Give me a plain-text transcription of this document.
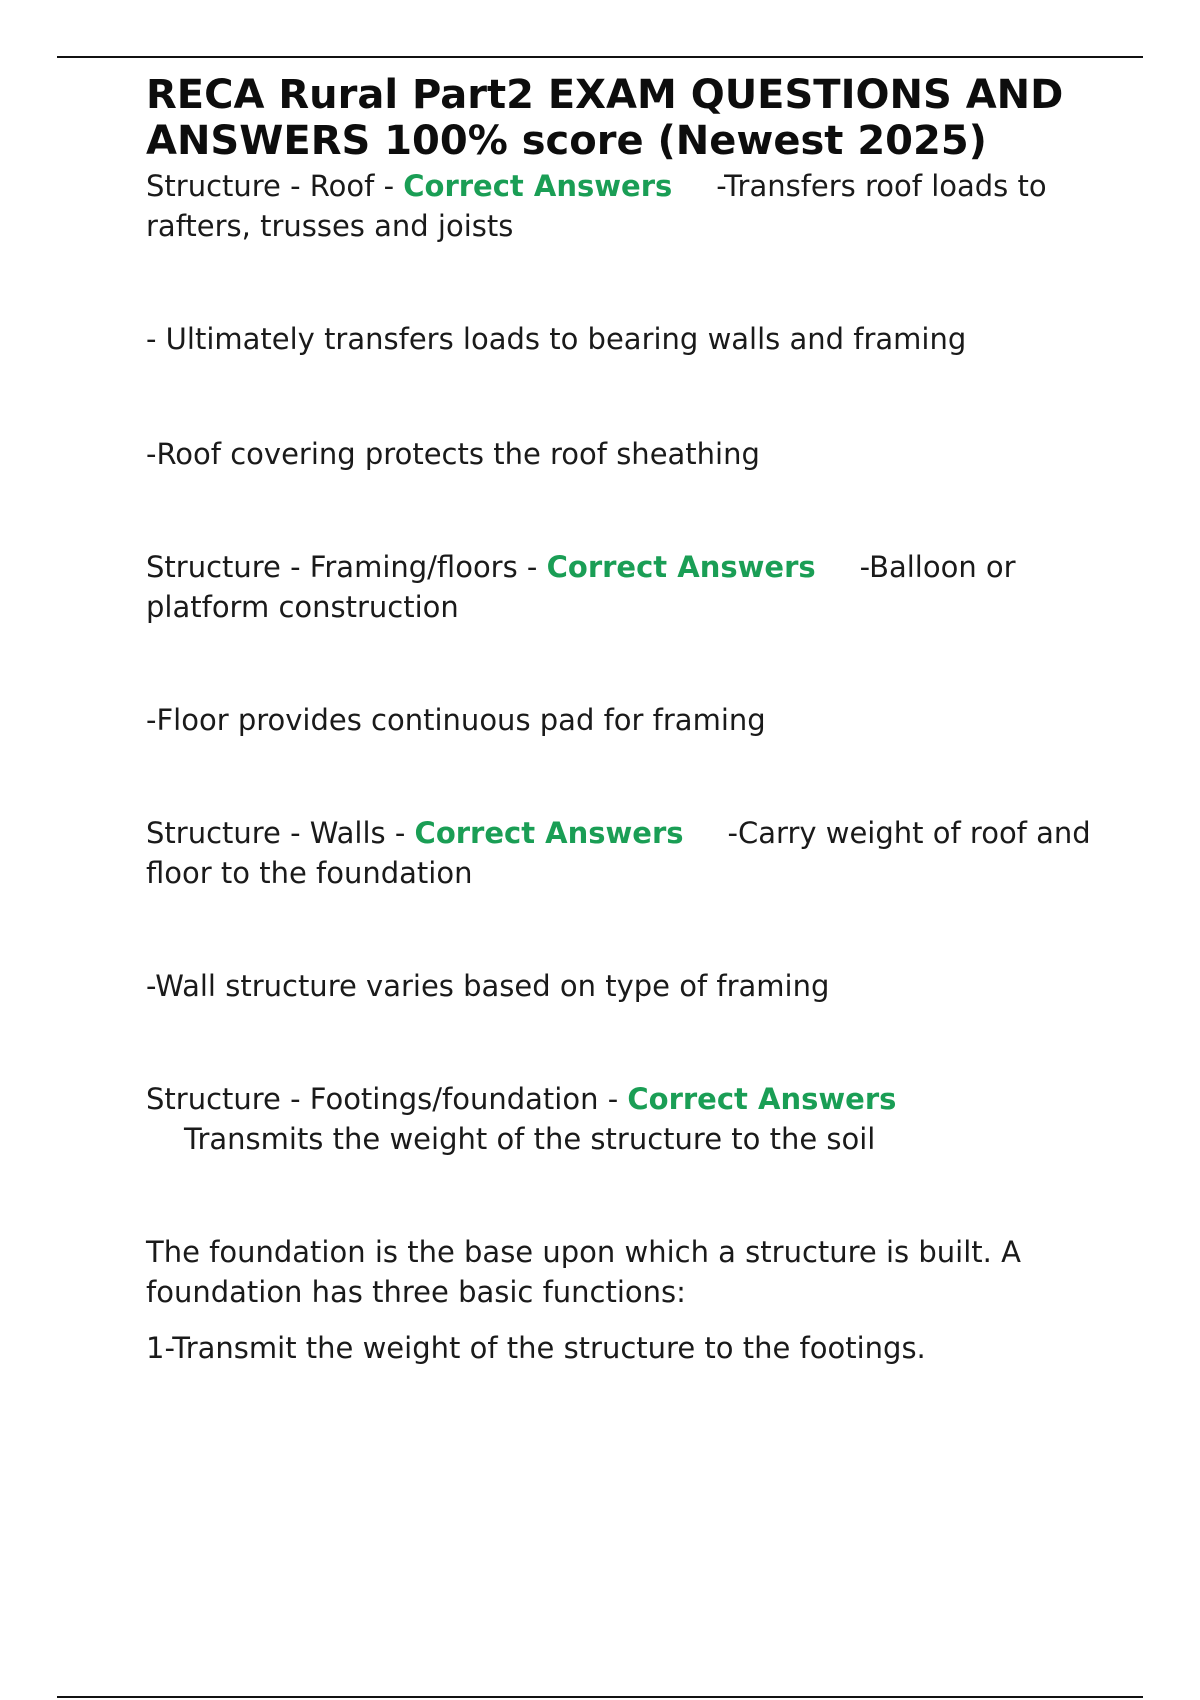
RECA Rural Part2 EXAM QUESTIONS AND ANSWERS 100% score (Newest 2025)

Structure - Roof - Correct Answers -Transfers roof loads to rafters, trusses and joists

- Ultimately transfers loads to bearing walls and framing

-Roof covering protects the roof sheathing

Structure - Framing/floors - Correct Answers -Balloon or platform construction

-Floor provides continuous pad for framing

Structure - Walls - Correct Answers -Carry weight of roof and floor to the foundation

-Wall structure varies based on type of framing

Structure - Footings/foundation - Correct Answers

Transmits the weight of the structure to the soil

The foundation is the base upon which a structure is built. A foundation has three basic functions:

1-Transmit the weight of the structure to the footings.
